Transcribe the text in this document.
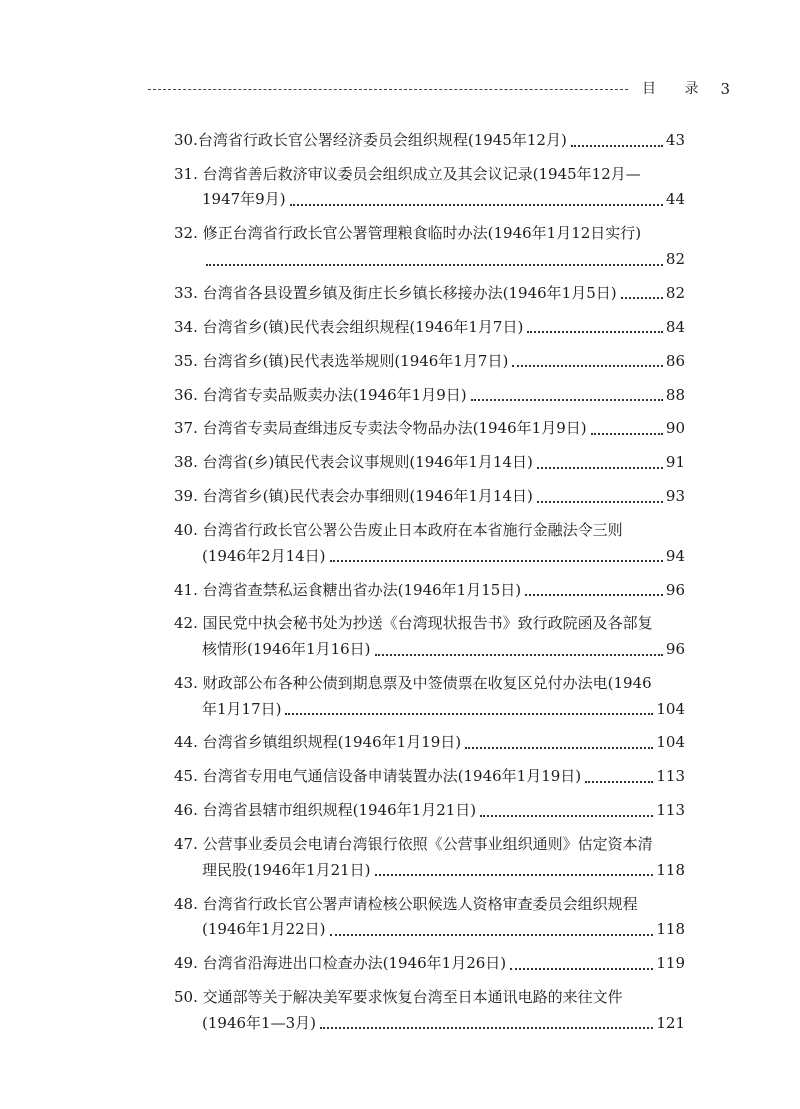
目 录 3
30.台湾省行政长官公署经济委员会组织规程(1945年12月)	43
31. 台湾省善后救济审议委员会组织成立及其会议记录(1945年12月—
1947年9月)	44
32. 修正台湾省行政长官公署管理粮食临时办法(1946年1月12日实行)
82
33. 台湾省各县设置乡镇及街庄长乡镇长移接办法(1946年1月5日)	82
34. 台湾省乡(镇)民代表会组织规程(1946年1月7日)	84
35. 台湾省乡(镇)民代表选举规则(1946年1月7日)	86
36. 台湾省专卖品贩卖办法(1946年1月9日)	88
37. 台湾省专卖局查缉违反专卖法令物品办法(1946年1月9日)	90
38. 台湾省(乡)镇民代表会议事规则(1946年1月14日)	91
39. 台湾省乡(镇)民代表会办事细则(1946年1月14日)	93
40. 台湾省行政长官公署公告废止日本政府在本省施行金融法令三则
(1946年2月14日)	94
41. 台湾省查禁私运食糖出省办法(1946年1月15日)	96
42. 国民党中执会秘书处为抄送《台湾现状报告书》致行政院函及各部复
核情形(1946年1月16日)	96
43. 财政部公布各种公债到期息票及中签债票在收复区兑付办法电(1946
年1月17日)	104
44. 台湾省乡镇组织规程(1946年1月19日)	104
45. 台湾省专用电气通信设备申请装置办法(1946年1月19日)	113
46. 台湾省县辖市组织规程(1946年1月21日)	113
47. 公营事业委员会电请台湾银行依照《公营事业组织通则》估定资本清
理民股(1946年1月21日)	118
48. 台湾省行政长官公署声请检核公职候选人资格审查委员会组织规程
(1946年1月22日)	118
49. 台湾省沿海进出口检查办法(1946年1月26日)	119
50. 交通部等关于解决美军要求恢复台湾至日本通讯电路的来往文件
(1946年1—3月)	121
